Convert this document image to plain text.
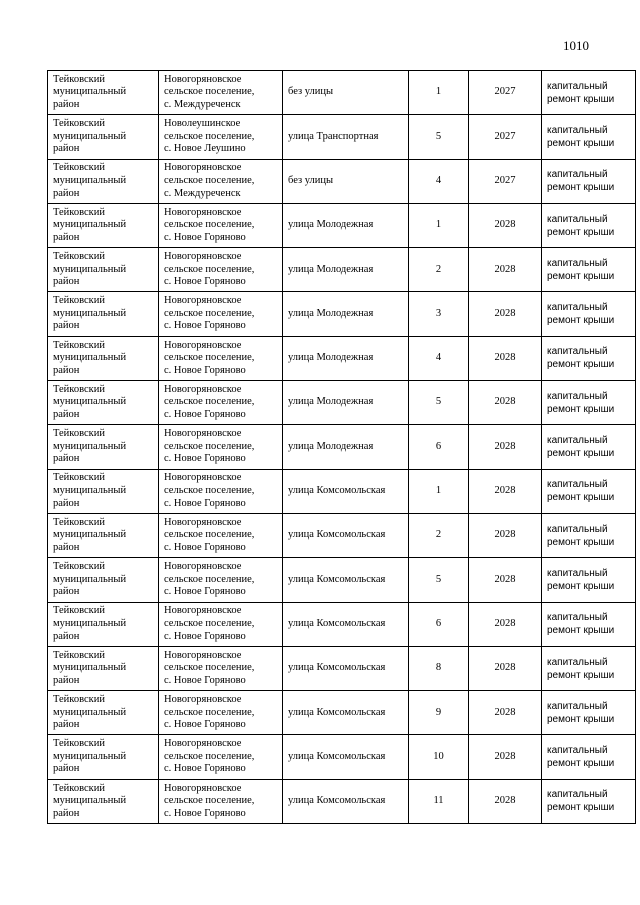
1010
Тейковский
муниципальный
район	Новогоряновское
сельское поселение,
с. Междуреченск	без улицы	1	2027	капитальный
ремонт крыши

Тейковский
муниципальный
район	Новолеушинское
сельское поселение,
с. Новое Леушино	улица Транспортная	5	2027	капитальный
ремонт крыши

Тейковский
муниципальный
район	Новогоряновское
сельское поселение,
с. Междуреченск	без улицы	4	2027	капитальный
ремонт крыши

Тейковский
муниципальный
район	Новогоряновское
сельское поселение,
с. Новое Горяново	улица Молодежная	1	2028	капитальный
ремонт крыши

Тейковский
муниципальный
район	Новогоряновское
сельское поселение,
с. Новое Горяново	улица Молодежная	2	2028	капитальный
ремонт крыши

Тейковский
муниципальный
район	Новогоряновское
сельское поселение,
с. Новое Горяново	улица Молодежная	3	2028	капитальный
ремонт крыши

Тейковский
муниципальный
район	Новогоряновское
сельское поселение,
с. Новое Горяново	улица Молодежная	4	2028	капитальный
ремонт крыши

Тейковский
муниципальный
район	Новогоряновское
сельское поселение,
с. Новое Горяново	улица Молодежная	5	2028	капитальный
ремонт крыши

Тейковский
муниципальный
район	Новогоряновское
сельское поселение,
с. Новое Горяново	улица Молодежная	6	2028	капитальный
ремонт крыши

Тейковский
муниципальный
район	Новогоряновское
сельское поселение,
с. Новое Горяново	улица Комсомольская	1	2028	капитальный
ремонт крыши

Тейковский
муниципальный
район	Новогоряновское
сельское поселение,
с. Новое Горяново	улица Комсомольская	2	2028	капитальный
ремонт крыши

Тейковский
муниципальный
район	Новогоряновское
сельское поселение,
с. Новое Горяново	улица Комсомольская	5	2028	капитальный
ремонт крыши

Тейковский
муниципальный
район	Новогоряновское
сельское поселение,
с. Новое Горяново	улица Комсомольская	6	2028	капитальный
ремонт крыши

Тейковский
муниципальный
район	Новогоряновское
сельское поселение,
с. Новое Горяново	улица Комсомольская	8	2028	капитальный
ремонт крыши

Тейковский
муниципальный
район	Новогоряновское
сельское поселение,
с. Новое Горяново	улица Комсомольская	9	2028	капитальный
ремонт крыши

Тейковский
муниципальный
район	Новогоряновское
сельское поселение,
с. Новое Горяново	улица Комсомольская	10	2028	капитальный
ремонт крыши

Тейковский
муниципальный
район	Новогоряновское
сельское поселение,
с. Новое Горяново	улица Комсомольская	11	2028	капитальный
ремонт крыши
